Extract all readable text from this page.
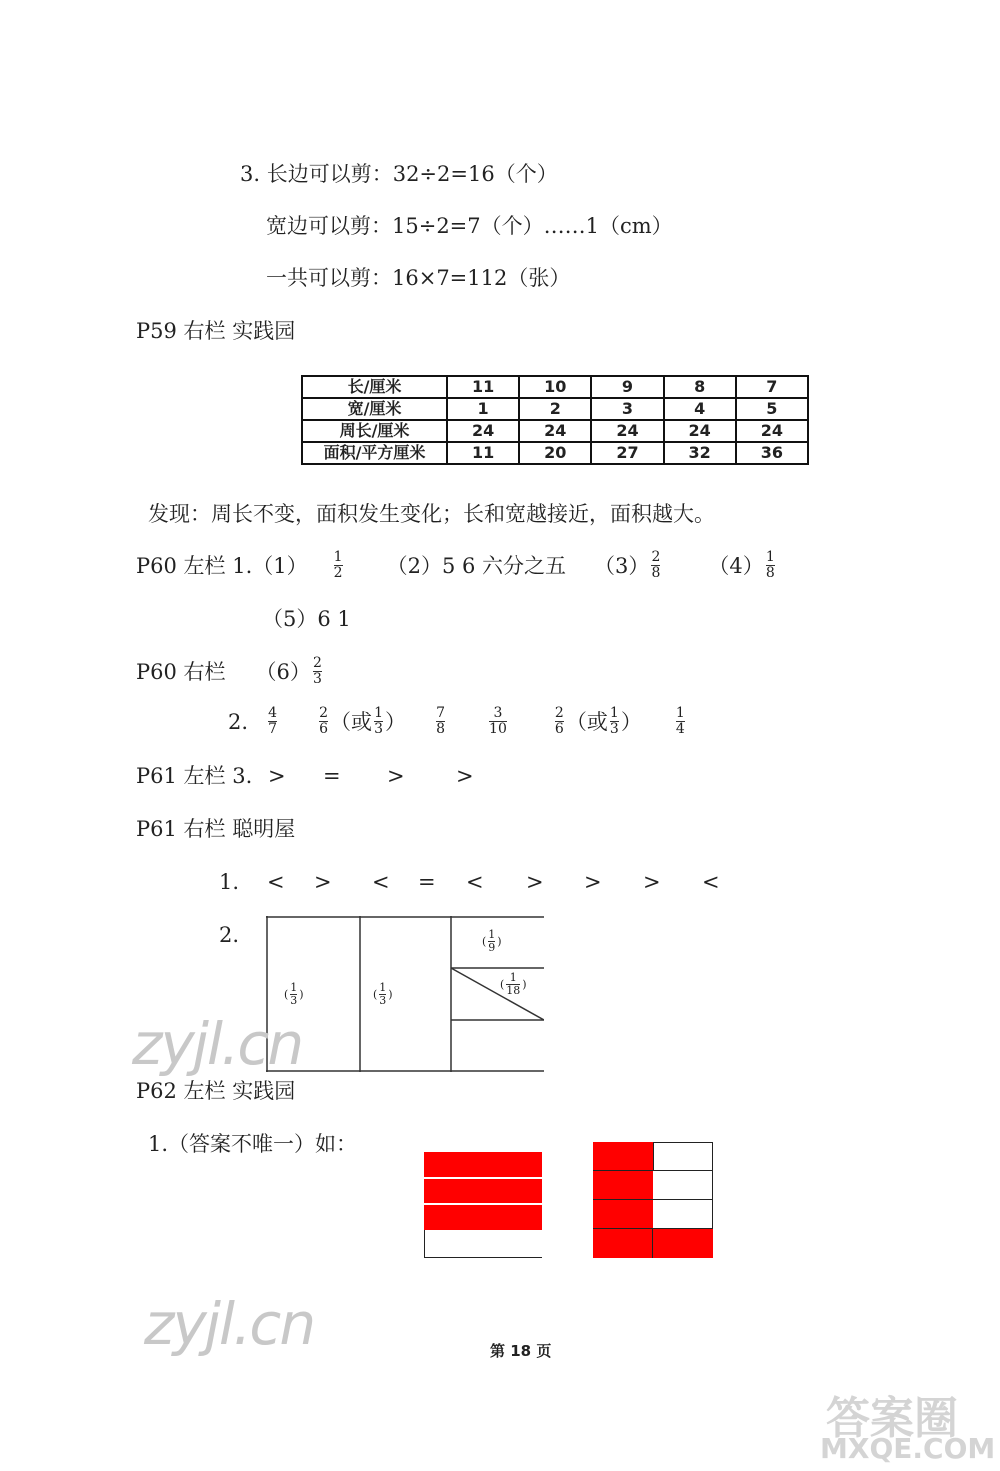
3. 长边可以剪：32÷2=16（个）
宽边可以剪：15÷2=7（个）……1（cm）
一共可以剪：16×7=112（张）
P59 右栏 实践园
长/厘米	11	10	9	8	7
宽/厘米	1	2	3	4	5
周长/厘米	24	24	24	24	24
面积/平方厘米	11	20	27	32	36
发现：周长不变，面积发生变化；长和宽越接近，面积越大。
P60 左栏 $1.(1) \frac{1}{2} (2)5$ 6 六分之五 $(3) \frac{2}{8} (4) \frac{1}{8}$
（5）6 1
P60 右栏 $(6) \frac{2}{3}$
2. $\frac{4}{7}$	$\frac{2}{6}$ （或 $\frac{1}{3}$ ） $\frac{7}{8}$	$\frac{3}{10}$	$\frac{2}{6}$ （或 $\frac{1}{3}$ ） $\frac{1}{4}$
P61 左栏 3. > = > >
P61 右栏 聪明屋
1. < > < = < > > > <
2.
( 1
3 )	( 1
3 )
( 1
9 )
( 1
18 )
zyjl.cn
P62 左栏 实践园
1.（答案不唯一）如：
zyjl.cn	第 18 页
答案圈
MXQE.COM
